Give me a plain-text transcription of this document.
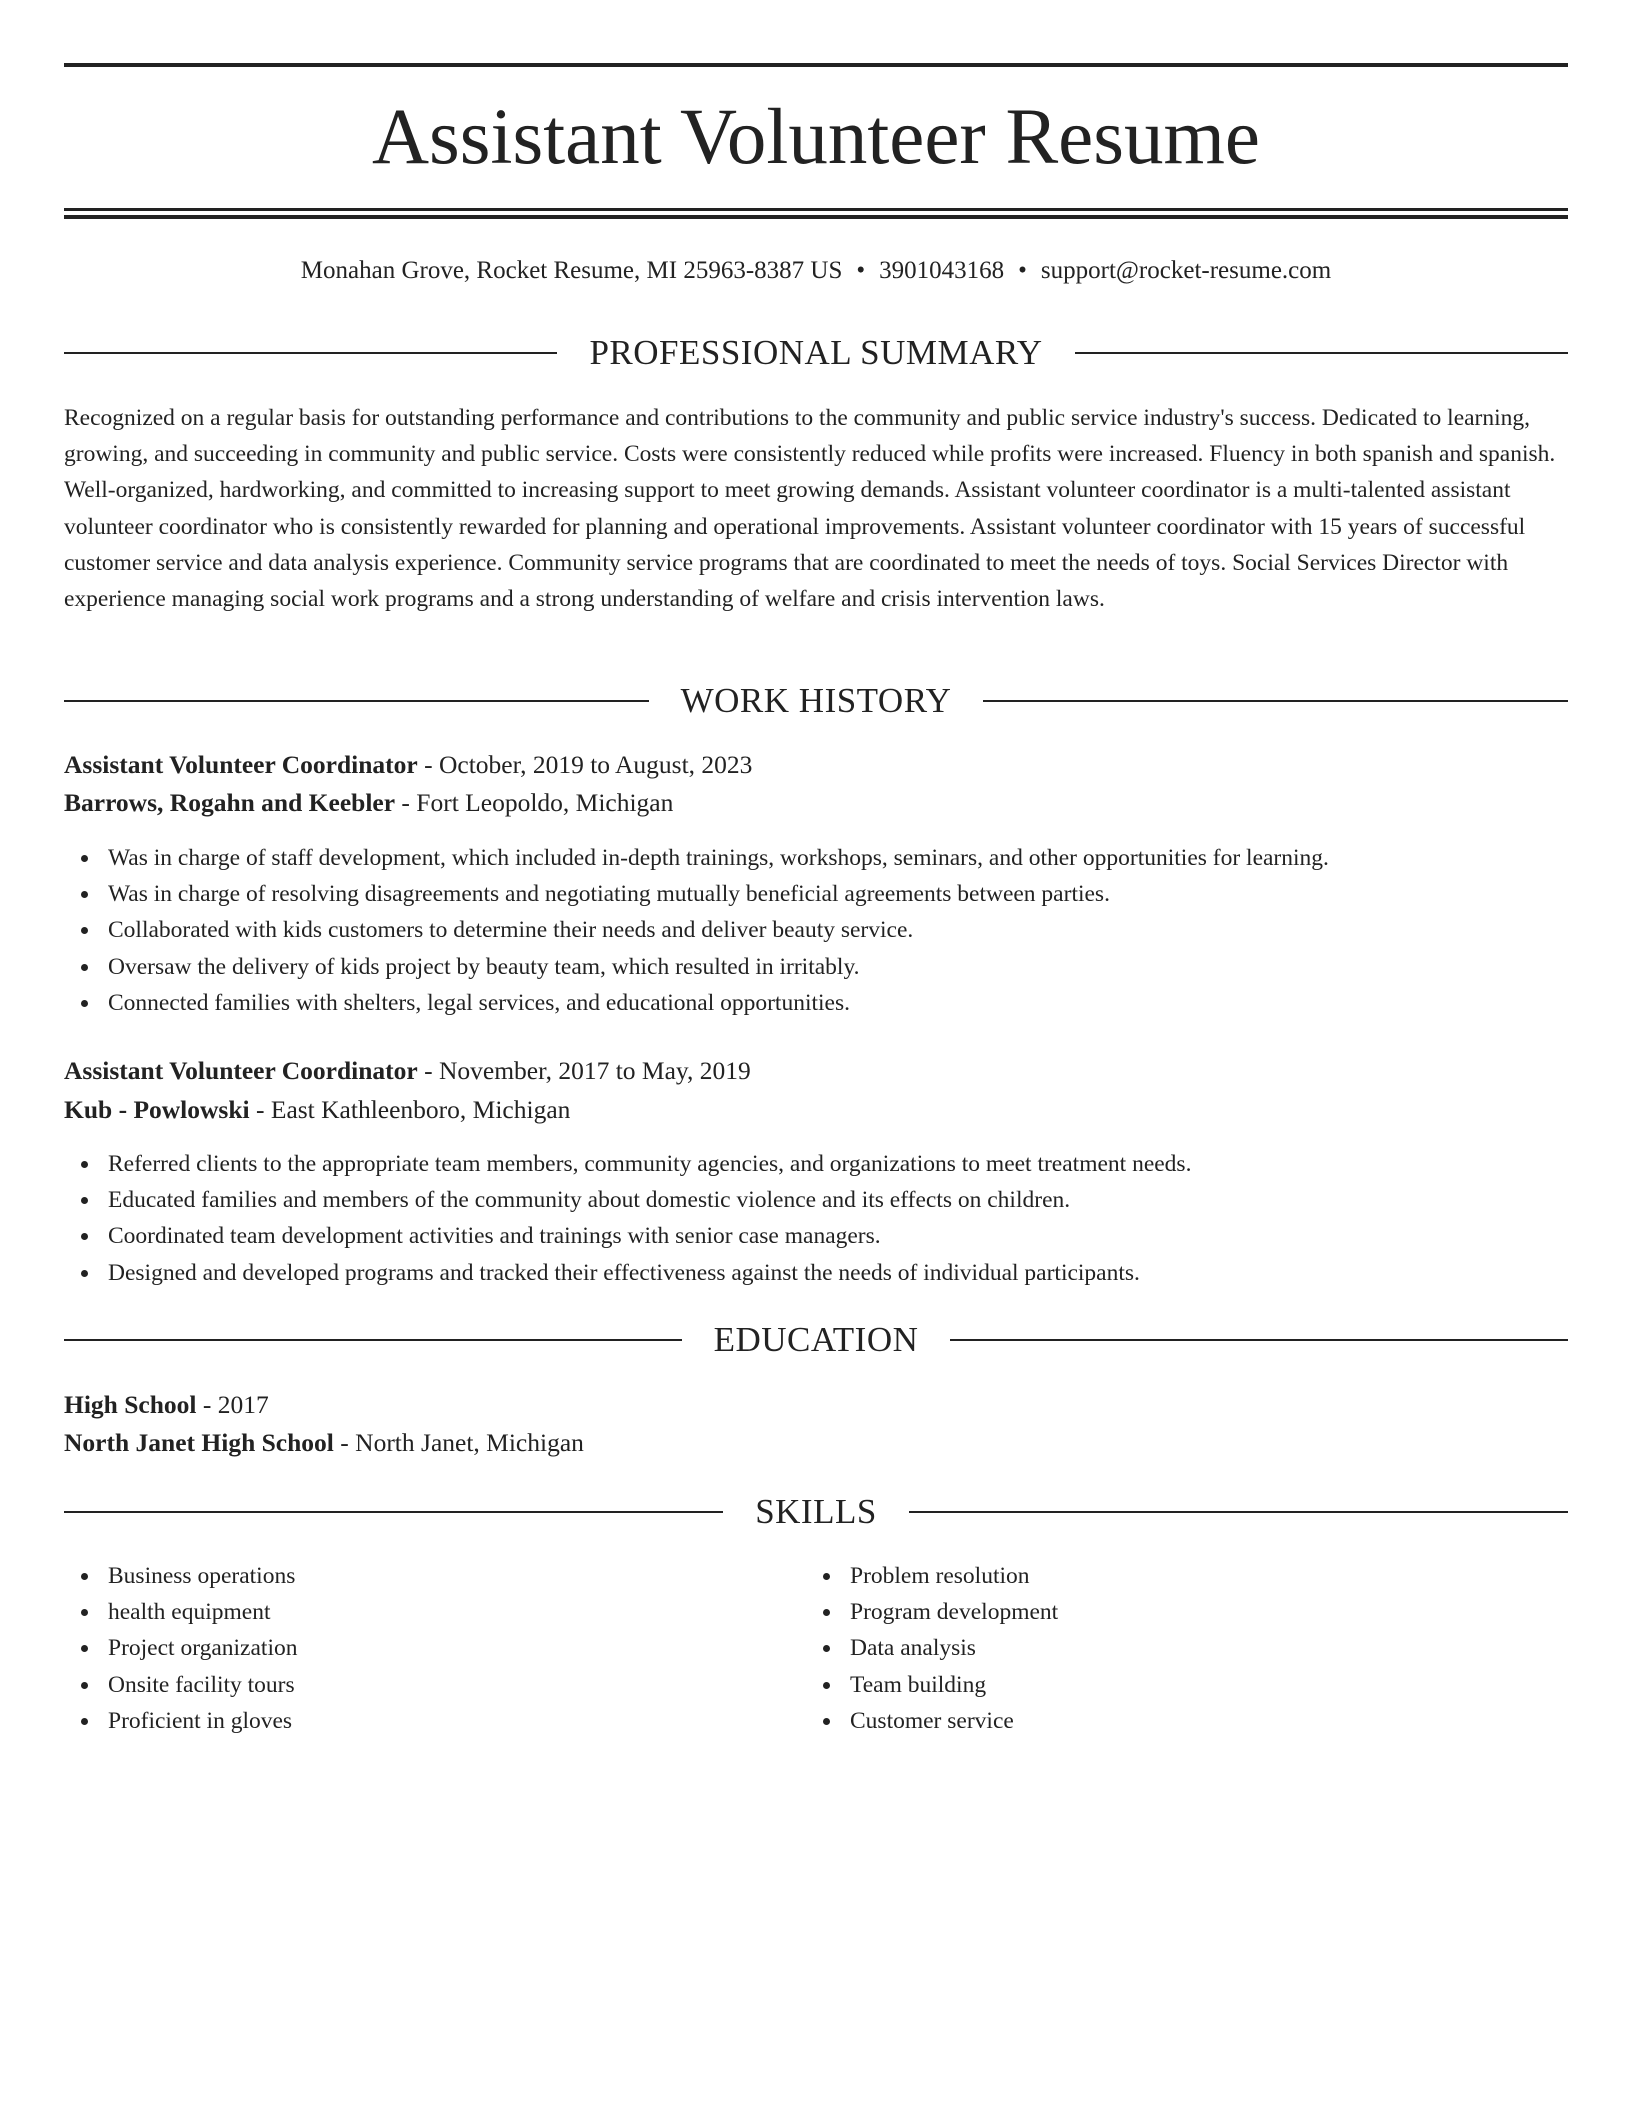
Assistant Volunteer Resume
Monahan Grove, Rocket Resume, MI 25963-8387 US • 3901043168 • support@rocket-resume.com
PROFESSIONAL SUMMARY

Recognized on a regular basis for outstanding performance and contributions to the community and public service industry's success. Dedicated to learning, growing, and succeeding in community and public service. Costs were consistently reduced while profits were increased. Fluency in both spanish and spanish. Well-organized, hardworking, and committed to increasing support to meet growing demands. Assistant volunteer coordinator is a multi-talented assistant volunteer coordinator who is consistently rewarded for planning and operational improvements. Assistant volunteer coordinator with 15 years of successful customer service and data analysis experience. Community service programs that are coordinated to meet the needs of toys. Social Services Director with experience managing social work programs and a strong understanding of welfare and crisis intervention laws.

WORK HISTORY
Assistant Volunteer Coordinator - October, 2019 to August, 2023
Barrows, Rogahn and Keebler - Fort Leopoldo, Michigan
Was in charge of staff development, which included in-depth trainings, workshops, seminars, and other opportunities for learning.
Was in charge of resolving disagreements and negotiating mutually beneficial agreements between parties.
Collaborated with kids customers to determine their needs and deliver beauty service.
Oversaw the delivery of kids project by beauty team, which resulted in irritably.
Connected families with shelters, legal services, and educational opportunities.
Assistant Volunteer Coordinator - November, 2017 to May, 2019
Kub - Powlowski - East Kathleenboro, Michigan
Referred clients to the appropriate team members, community agencies, and organizations to meet treatment needs.
Educated families and members of the community about domestic violence and its effects on children.
Coordinated team development activities and trainings with senior case managers.
Designed and developed programs and tracked their effectiveness against the needs of individual participants.
EDUCATION
High School - 2017
North Janet High School - North Janet, Michigan
SKILLS
Business operations
health equipment
Project organization
Onsite facility tours
Proficient in gloves
Problem resolution
Program development
Data analysis
Team building
Customer service
